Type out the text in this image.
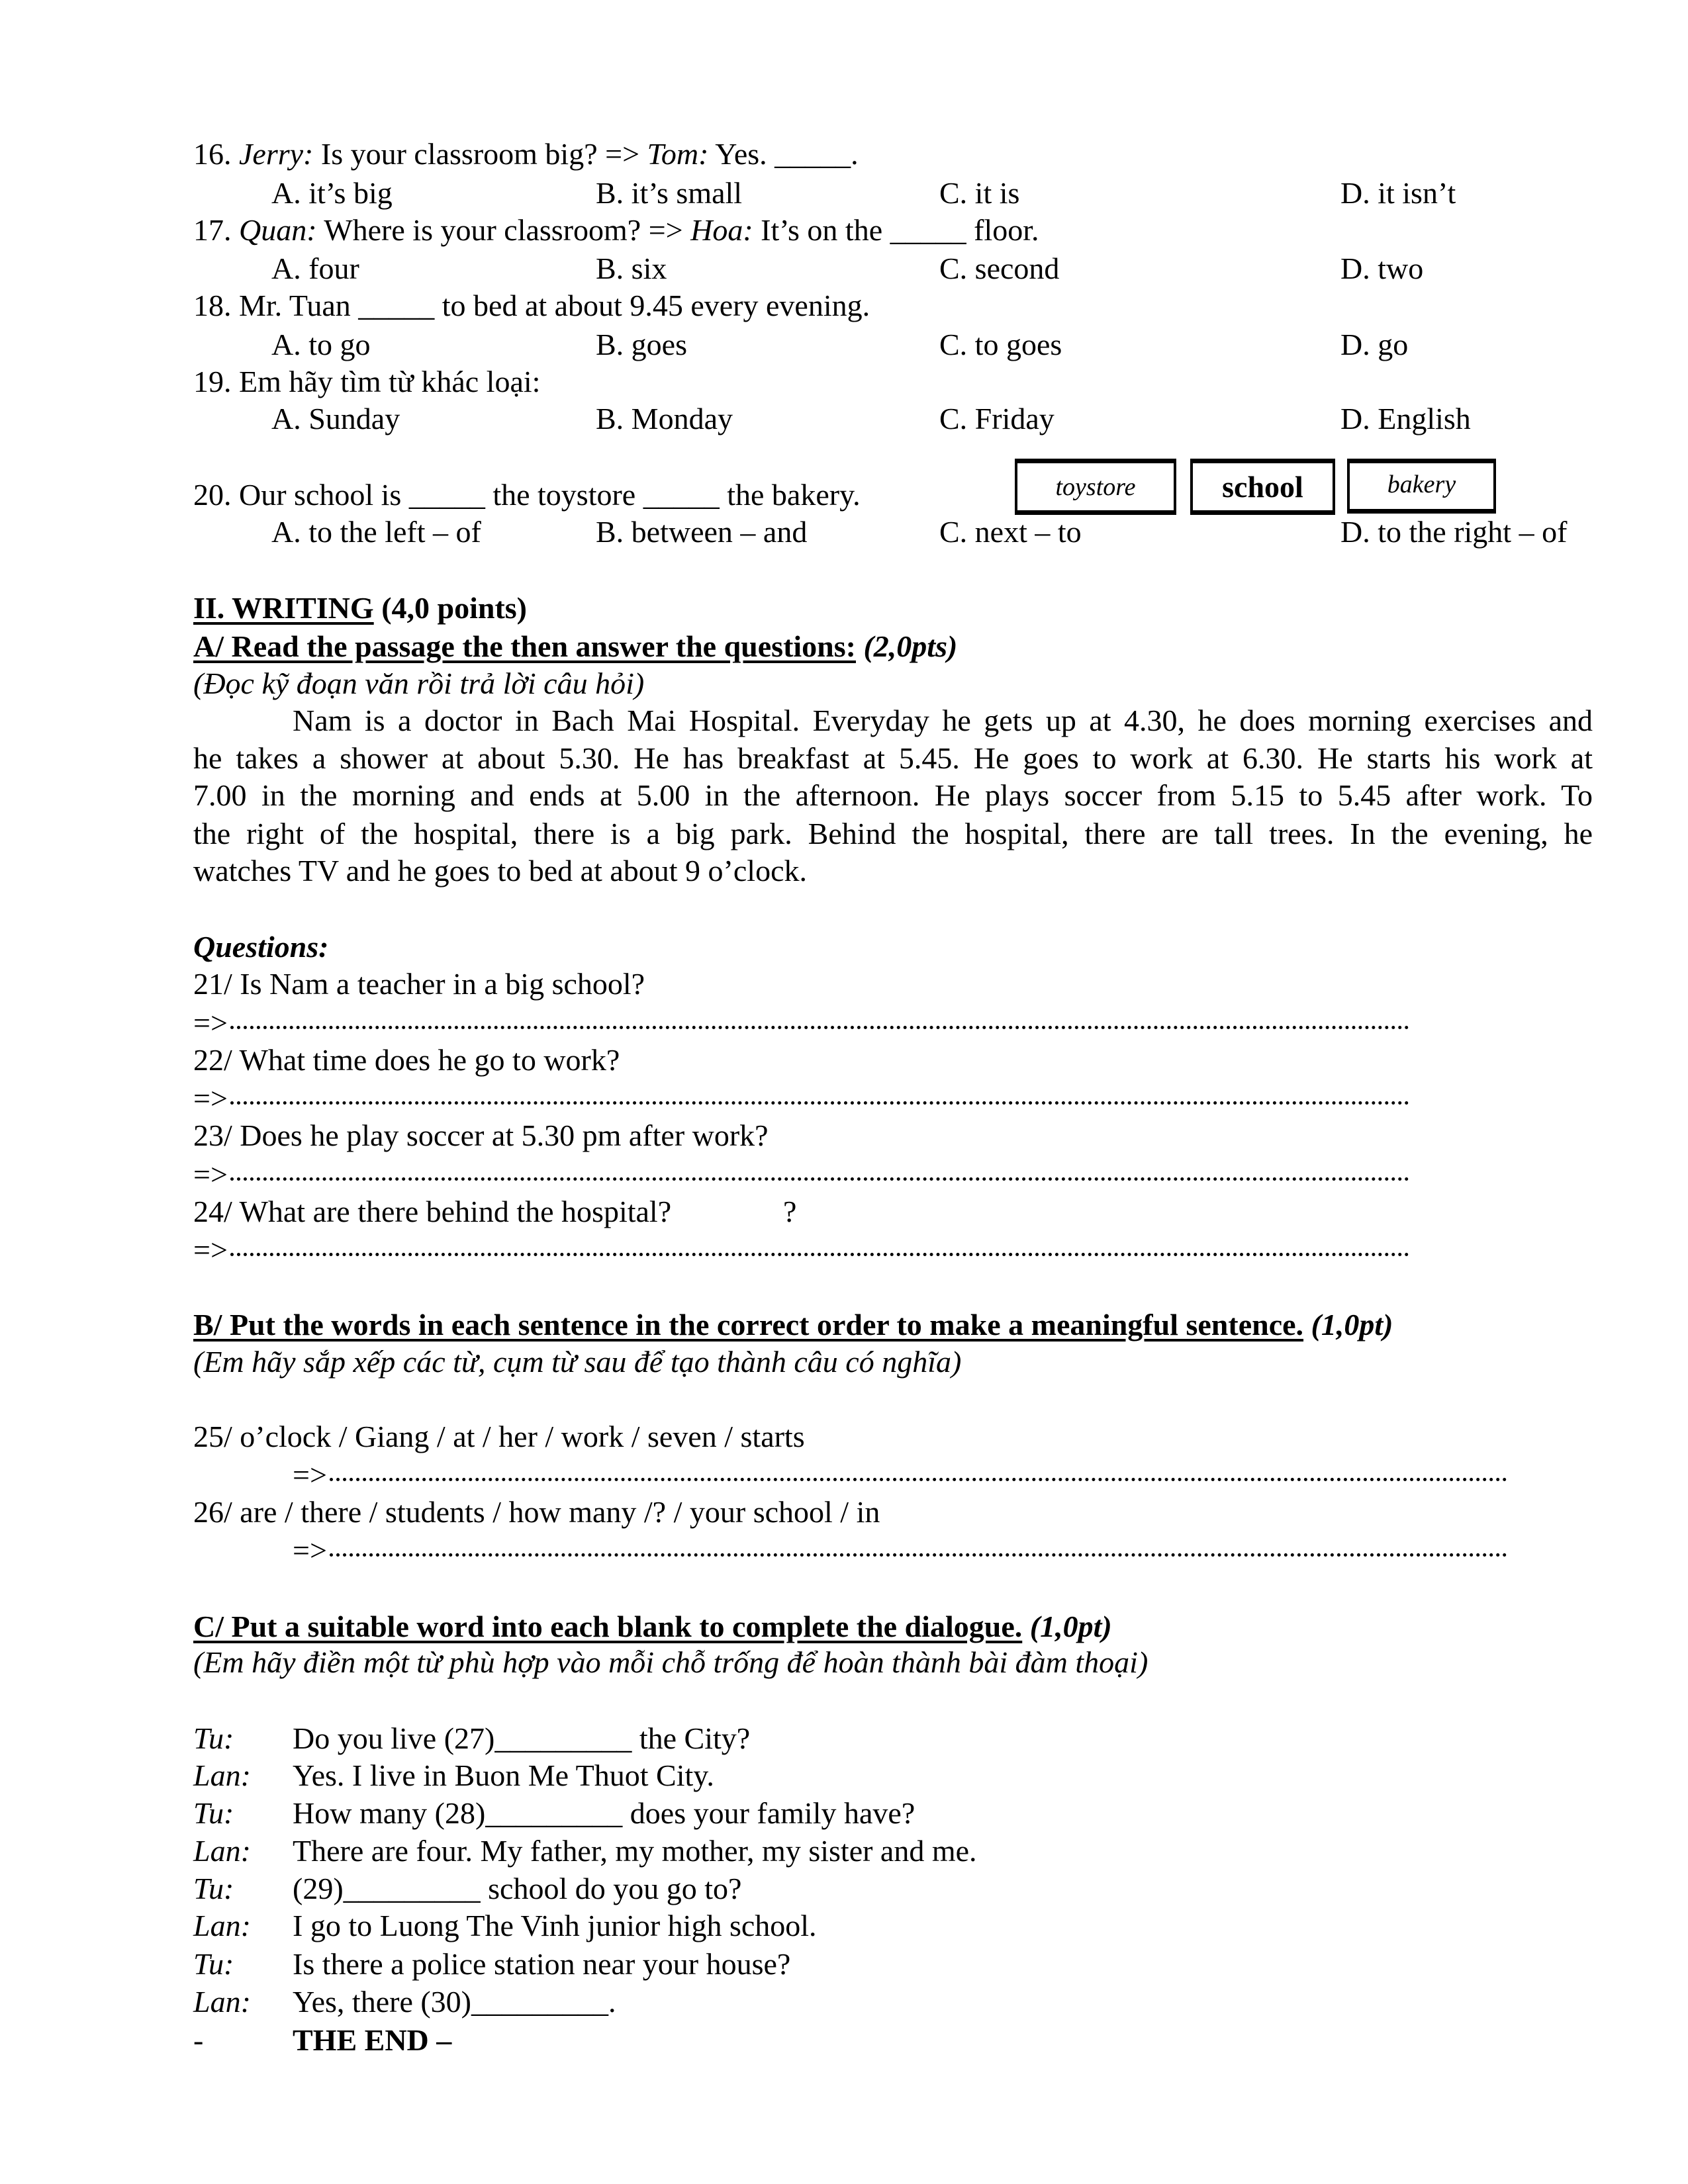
16. Jerry: Is your classroom big? => Tom: Yes. _____.
A. it’s big	B. it’s small	C. it is	D. it isn’t
17. Quan: Where is your classroom? => Hoa: It’s on the _____ floor.
A. four	B. six	C. second	D. two
18. Mr. Tuan _____ to bed at about 9.45 every evening.
A. to go	B. goes	C. to goes	D. go
19. Em hãy tìm từ khác loại:
A. Sunday	B. Monday	C. Friday	D. English
20. Our school is _____ the toystore _____ the bakery.	toystore	school	bakery
A. to the left – of	B. between – and	C. next – to	D. to the right – of
II. WRITING (4,0 points)
A/ Read the passage the then answer the questions: (2,0pts)
(Đọc kỹ đoạn văn rồi trả lời câu hỏi)
Nam is a doctor in Bach Mai Hospital. Everyday he gets up at 4.30, he does morning exercises and
he takes a shower at about 5.30. He has breakfast at 5.45. He goes to work at 6.30. He starts his work at
7.00 in the morning and ends at 5.00 in the afternoon. He plays soccer from 5.15 to 5.45 after work. To
the right of the hospital, there is a big park. Behind the hospital, there are tall trees. In the evening, he
watches TV and he goes to bed at about 9 o’clock.
Questions:
21/ Is Nam a teacher in a big school?
=>
22/ What time does he go to work?
=>
23/ Does he play soccer at 5.30 pm after work?
=>
24/ What are there behind the hospital?	?
=>
B/ Put the words in each sentence in the correct order to make a meaningful sentence. (1,0pt)
(Em hãy sắp xếp các từ, cụm từ sau để tạo thành câu có nghĩa)
25/ o’clock / Giang / at / her / work / seven / starts
=>
26/ are / there / students / how many /? / your school / in
=>
C/ Put a suitable word into each blank to complete the dialogue. (1,0pt)
(Em hãy điền một từ phù hợp vào mỗi chỗ trống để hoàn thành bài đàm thoại)
Tu: Do you live (27)_________ the City?
Lan: Yes. I live in Buon Me Thuot City.
Tu: How many (28)_________ does your family have?
Lan: There are four. My father, my mother, my sister and me.
Tu: (29)_________ school do you go to?
Lan: I go to Luong The Vinh junior high school.
Tu: Is there a police station near your house?
Lan: Yes, there (30)_________.
-	THE END –
